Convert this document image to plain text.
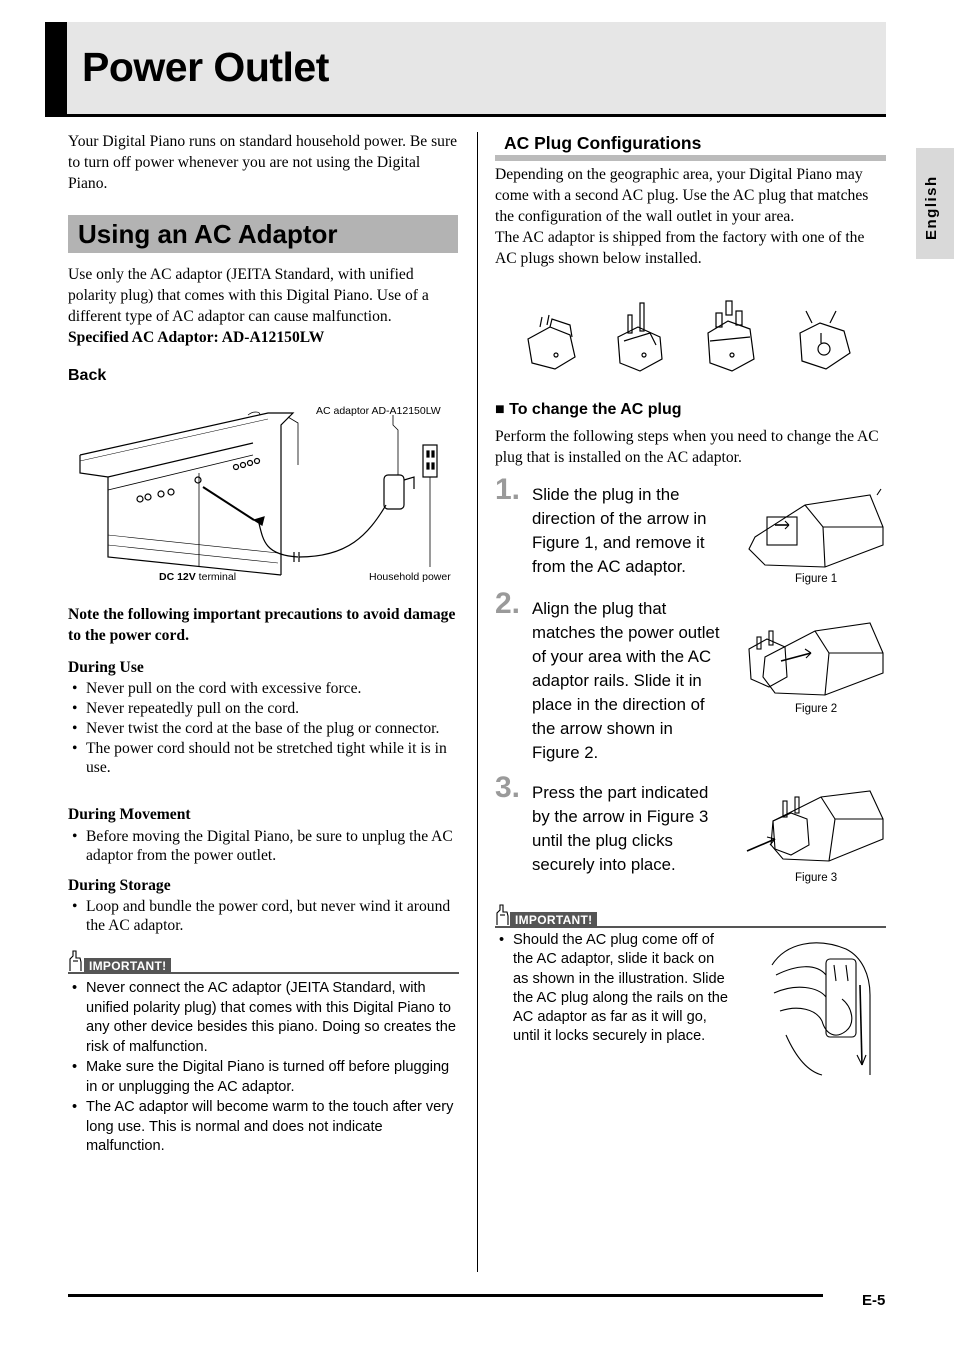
Power Outlet
English
Your Digital Piano runs on standard household power. Be sure to turn off power whenever you are not using the Digital Piano.
Using an AC Adaptor
Use only the AC adaptor (JEITA Standard, with unified polarity plug) that comes with this Digital Piano. Use of a different type of AC adaptor can cause malfunction.
Specified AC Adaptor: AD-A12150LW
Back
AC adaptor AD-A12150LW
DC 12V terminal	Household power
Note the following important precautions to avoid damage to the power cord.
During Use
• Never pull on the cord with excessive force.
• Never repeatedly pull on the cord.
• Never twist the cord at the base of the plug or connector.
• The power cord should not be stretched tight while it is in use.
During Movement
• Before moving the Digital Piano, be sure to unplug the AC adaptor from the power outlet.
During Storage
• Loop and bundle the power cord, but never wind it around the AC adaptor.
IMPORTANT!
• Never connect the AC adaptor (JEITA Standard, with unified polarity plug) that comes with this Digital Piano to any other device besides this piano. Doing so creates the risk of malfunction.
• Make sure the Digital Piano is turned off before plugging in or unplugging the AC adaptor.
• The AC adaptor will become warm to the touch after very long use. This is normal and does not indicate malfunction.
AC Plug Configurations
Depending on the geographic area, your Digital Piano may come with a second AC plug. Use the AC plug that matches the configuration of the wall outlet in your area.
The AC adaptor is shipped from the factory with one of the AC plugs shown below installed.
■ To change the AC plug
Perform the following steps when you need to change the AC plug that is installed on the AC adaptor.
1. Slide the plug in the
direction of the arrow in
Figure 1, and remove it
from the AC adaptor.
Figure 1
2. Align the plug that
matches the power outlet
of your area with the AC
adaptor rails. Slide it in
place in the direction of
the arrow shown in
Figure 2.
Figure 2
3. Press the part indicated
by the arrow in Figure 3
until the plug clicks
securely into place.
Figure 3
IMPORTANT!
• Should the AC plug come off of
the AC adaptor, slide it back on
as shown in the illustration. Slide
the AC plug along the rails on the
AC adaptor as far as it will go,
until it locks securely in place.
E-5
